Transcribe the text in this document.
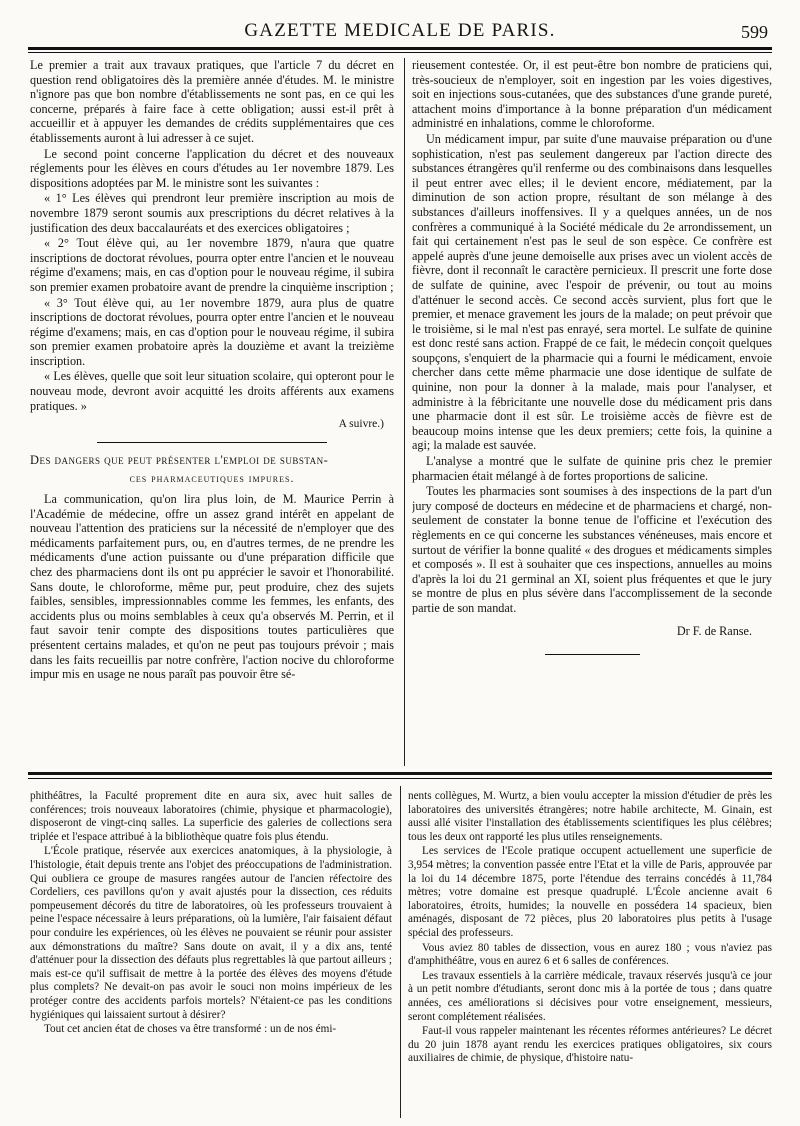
GAZETTE MEDICALE DE PARIS.	599

Le premier a trait aux travaux pratiques, que l'article 7 du décret en question rend obligatoires dès la première année d'études. M. le ministre n'ignore pas que bon nombre d'établissements ne sont pas, en ce qui les concerne, préparés à faire face à cette obligation; aussi est-il prêt à accueillir et à appuyer les demandes de crédits supplémentaires que ces établissements auront à lui adresser à ce sujet.

Le second point concerne l'application du décret et des nouveaux réglements pour les élèves en cours d'études au 1er novembre 1879. Les dispositions adoptées par M. le ministre sont les suivantes :

« 1° Les élèves qui prendront leur première inscription au mois de novembre 1879 seront soumis aux prescriptions du décret relatives à la justification des deux baccalauréats et des exercices obligatoires ;

« 2° Tout élève qui, au 1er novembre 1879, n'aura que quatre inscriptions de doctorat révolues, pourra opter entre l'ancien et le nouveau régime d'examens; mais, en cas d'option pour le nouveau régime, il subira son premier examen probatoire avant de prendre la cinquième inscription ;

« 3° Tout élève qui, au 1er novembre 1879, aura plus de quatre inscriptions de doctorat révolues, pourra opter entre l'ancien et le nouveau régime d'examens; mais, en cas d'option pour le nouveau régime, il subira son premier examen probatoire après la douzième et avant la treizième inscription.

« Les élèves, quelle que soit leur situation scolaire, qui opteront pour le nouveau mode, devront avoir acquitté les droits afférents aux examens pratiques. »

A suivre.)

Des dangers que peut présenter l'emploi de substan-

ces pharmaceutiques impures.

La communication, qu'on lira plus loin, de M. Maurice Perrin à l'Académie de médecine, offre un assez grand intérêt en appelant de nouveau l'attention des praticiens sur la nécessité de n'employer que des médicaments parfaitement purs, ou, en d'autres termes, de ne prendre les médicaments d'une action puissante ou d'une préparation difficile que chez des pharmaciens dont ils ont pu apprécier le savoir et l'honorabilité. Sans doute, le chloroforme, même pur, peut produire, chez des sujets faibles, sensibles, impressionnables comme les femmes, les enfants, des accidents plus ou moins semblables à ceux qu'a observés M. Perrin, et il faut savoir tenir compte des dispositions toutes particulières que présentent certains malades, et qu'on ne peut pas toujours prévoir ; mais dans les faits recueillis par notre confrère, l'action nocive du chloroforme impur mis en usage ne nous paraît pas pouvoir être sé-

rieusement contestée. Or, il est peut-être bon nombre de praticiens qui, très-soucieux de n'employer, soit en ingestion par les voies digestives, soit en injections sous-cutanées, que des substances d'une grande pureté, attachent moins d'importance à la bonne préparation d'un médicament administré en inhalations, comme le chloroforme.

Un médicament impur, par suite d'une mauvaise préparation ou d'une sophistication, n'est pas seulement dangereux par l'action directe des substances étrangères qu'il renferme ou des combinaisons dans lesquelles il peut entrer avec elles; il le devient encore, médiatement, par la diminution de son action propre, résultant de son mélange à des substances d'ailleurs inoffensives. Il y a quelques années, un de nos confrères a communiqué à la Société médicale du 2e arrondissement, un fait qui certainement n'est pas le seul de son espèce. Ce confrère est appelé auprès d'une jeune demoiselle aux prises avec un violent accès de fièvre, dont il reconnaît le caractère pernicieux. Il prescrit une forte dose de sulfate de quinine, avec l'espoir de prévenir, ou tout au moins d'atténuer le second accès. Ce second accès survient, plus fort que le premier, et menace gravement les jours de la malade; on peut prévoir que le troisième, si le mal n'est pas enrayé, sera mortel. Le sulfate de quinine est donc resté sans action. Frappé de ce fait, le médecin conçoit quelques soupçons, s'enquiert de la pharmacie qui a fourni le médicament, envoie chercher dans cette même pharmacie une dose identique de sulfate de quinine, non pour la donner à la malade, mais pour l'analyser, et administre à la fébricitante une nouvelle dose du médicament pris dans une pharmacie dont il est sûr. Le troisième accès de fièvre est de beaucoup moins intense que les deux premiers; cette fois, la quinine a agi; la malade est sauvée.

L'analyse a montré que le sulfate de quinine pris chez le premier pharmacien était mélangé à de fortes proportions de salicine.

Toutes les pharmacies sont soumises à des inspections de la part d'un jury composé de docteurs en médecine et de pharmaciens et chargé, non-seulement de constater la bonne tenue de l'officine et l'exécution des règlements en ce qui concerne les substances vénéneuses, mais encore et surtout de vérifier la bonne qualité « des drogues et médicaments simples et composés ». Il est à souhaiter que ces inspections, annuelles au moins d'après la loi du 21 germinal an XI, soient plus fréquentes et que le jury se montre de plus en plus sévère dans l'accomplissement de la seconde partie de son mandat.

Dr F. de Ranse.

phithéâtres, la Faculté proprement dite en aura six, avec huit salles de conférences; trois nouveaux laboratoires (chimie, physique et pharmacologie), disposeront de vingt-cinq salles. La superficie des galeries de collections sera triplée et l'espace attribué à la bibliothèque quatre fois plus étendu.

L'École pratique, réservée aux exercices anatomiques, à la physiologie, à l'histologie, était depuis trente ans l'objet des préoccupations de l'administration. Qui oubliera ce groupe de masures rangées autour de l'ancien réfectoire des Cordeliers, ces pavillons qu'on y avait ajustés pour la dissection, ces réduits pompeusement décorés du titre de laboratoires, où les professeurs trouvaient à peine l'espace nécessaire à leurs préparations, où la lumière, l'air faisaient défaut pour conduire les expériences, où les élèves ne pouvaient se réunir pour assister aux démonstrations du maître? Sans doute on avait, il y a dix ans, tenté d'atténuer pour la dissection des défauts plus regrettables là que partout ailleurs ; mais est-ce qu'il suffisait de mettre à la portée des élèves des moyens d'étude plus complets? Ne devait-on pas avoir le souci non moins impérieux de les protéger contre des accidents parfois mortels? N'étaient-ce pas les conditions hygiéniques qui laissaient surtout à désirer?

Tout cet ancien état de choses va être transformé : un de nos émi-

nents collègues, M. Wurtz, a bien voulu accepter la mission d'étudier de près les laboratoires des universités étrangères; notre habile architecte, M. Ginain, est aussi allé visiter l'installation des établissements scientifiques les plus célèbres; tous les deux ont rapporté les plus utiles renseignements.

Les services de l'Ecole pratique occupent actuellement une superficie de 3,954 mètres; la convention passée entre l'Etat et la ville de Paris, approuvée par la loi du 14 décembre 1875, porte l'étendue des terrains concédés à 11,784 mètres; votre domaine est presque quadruplé. L'École ancienne avait 6 laboratoires, étroits, humides; la nouvelle en possédera 14 spacieux, bien aménagés, disposant de 72 pièces, plus 20 laboratoires plus petits à l'usage spécial des professeurs.

Vous aviez 80 tables de dissection, vous en aurez 180 ; vous n'aviez pas d'amphithéâtre, vous en aurez 6 et 6 salles de conférences.

Les travaux essentiels à la carrière médicale, travaux réservés jusqu'à ce jour à un petit nombre d'étudiants, seront donc mis à la portée de tous ; dans quatre années, ces améliorations si décisives pour votre enseignement, messieurs, seront complétement réalisées.

Faut-il vous rappeler maintenant les récentes réformes antérieures? Le décret du 20 juin 1878 ayant rendu les exercices pratiques obligatoires, six cours auxiliaires de chimie, de physique, d'histoire natu-
